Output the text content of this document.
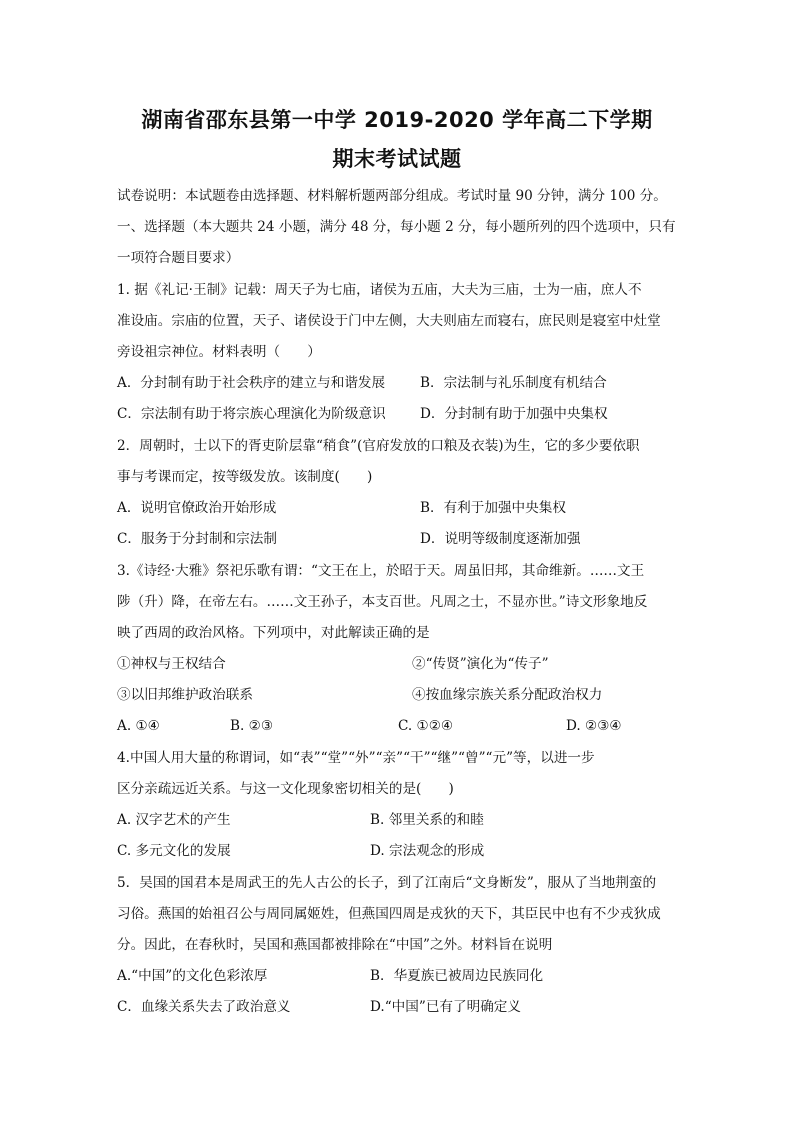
湖南省邵东县第一中学 2019-2020 学年高二下学期
期末考试试题
试卷说明：本试题卷由选择题、材料解析题两部分组成。考试时量 90 分钟，满分 100 分。
一、选择题（本大题共 24 小题，满分 48 分，每小题 2 分，每小题所列的四个选项中，只有
一项符合题目要求）
1. 据《礼记·王制》记载：周天子为七庙，诸侯为五庙，大夫为三庙，士为一庙，庶人不
准设庙。宗庙的位置，天子、诸侯设于门中左侧，大夫则庙左而寝右，庶民则是寝室中灶堂
旁设祖宗神位。材料表明（　　）
A．分封制有助于社会秩序的建立与和谐发展	B．宗法制与礼乐制度有机结合
C．宗法制有助于将宗族心理演化为阶级意识	D．分封制有助于加强中央集权
2．周朝时，士以下的胥吏阶层靠“稍食”(官府发放的口粮及衣装)为生，它的多少要依职
事与考课而定，按等级发放。该制度(　　)
A．说明官僚政治开始形成	B．有利于加强中央集权
C．服务于分封制和宗法制	D．说明等级制度逐渐加强
3.《诗经·大雅》祭祀乐歌有谓：“文王在上，於昭于天。周虽旧邦，其命维新。……文王
陟（升）降，在帝左右。……文王孙子，本支百世。凡周之士，不显亦世。”诗文形象地反
映了西周的政治风格。下列项中，对此解读正确的是
①神权与王权结合	②“传贤”演化为“传子”
③以旧邦维护政治联系	④按血缘宗族关系分配政治权力
A. ①④	B. ②③	C. ①②④	D. ②③④
4.中国人用大量的称谓词，如“表”“堂”“外”“亲”“干”“继”“曾”“元”等，以进一步
区分亲疏远近关系。与这一文化现象密切相关的是(　　)
A. 汉字艺术的产生	B. 邻里关系的和睦
C. 多元文化的发展	D. 宗法观念的形成
5．吴国的国君本是周武王的先人古公的长子，到了江南后“文身断发”，服从了当地荆蛮的
习俗。燕国的始祖召公与周同属姬姓，但燕国四周是戎狄的天下，其臣民中也有不少戎狄成
分。因此，在春秋时，吴国和燕国都被排除在“中国”之外。材料旨在说明
A.“中国”的文化色彩浓厚	B．华夏族已被周边民族同化
C．血缘关系失去了政治意义	D.“中国”已有了明确定义
